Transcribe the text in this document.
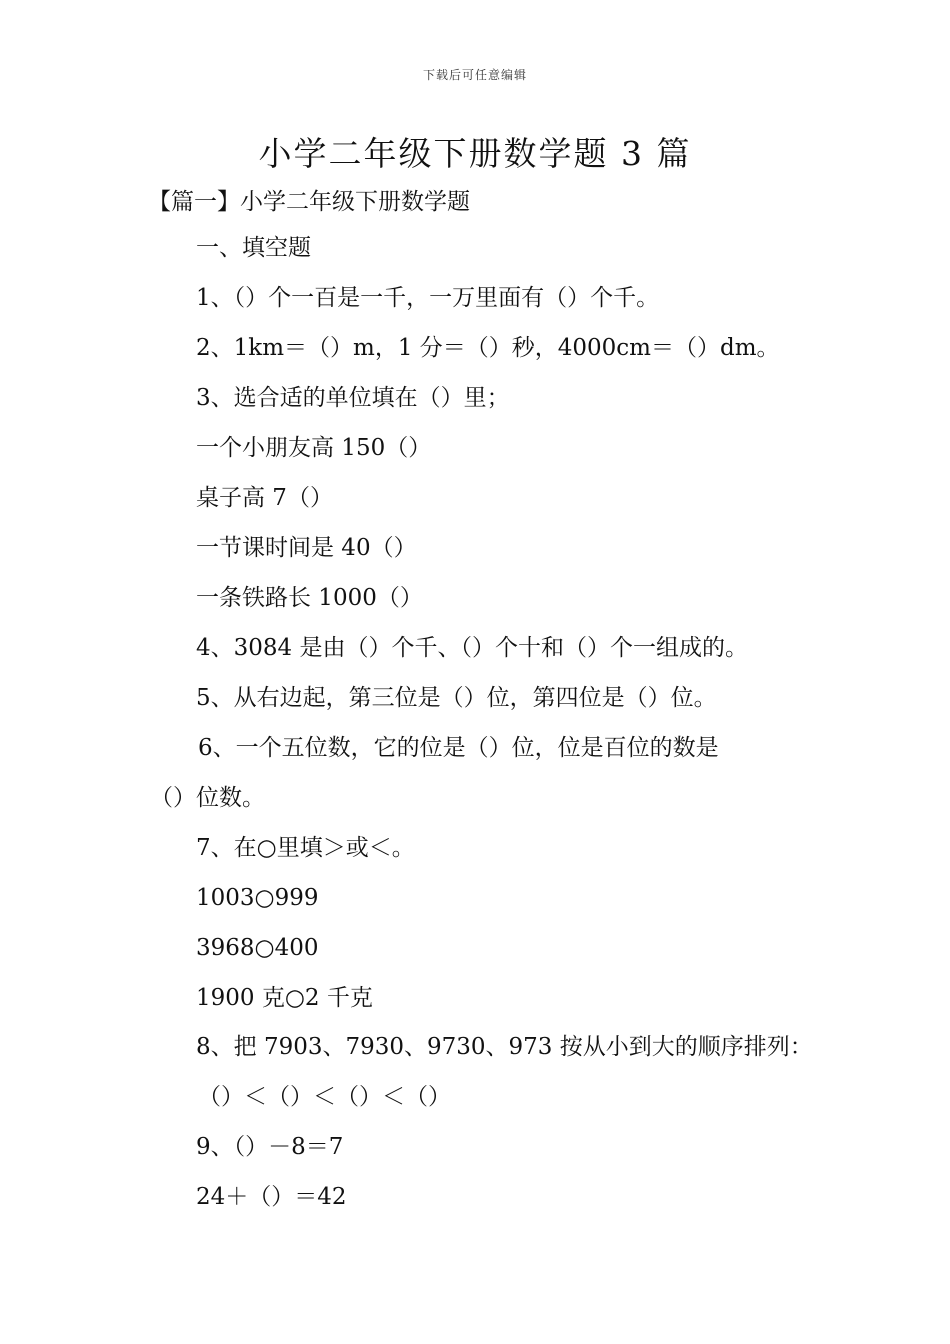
下载后可任意编辑
小学二年级下册数学题 3 篇
【篇一】小学二年级下册数学题

一、填空题

1、（）个一百是一千，一万里面有（）个千。

2、1km＝（）m，1 分＝（）秒，4000cm＝（）dm。

3、选合适的单位填在（）里；

一个小朋友高 150（）

桌子高 7（）

一节课时间是 40（）

一条铁路长 1000（）

4、3084 是由（）个千、（）个十和（）个一组成的。

5、从右边起，第三位是（）位，第四位是（）位。

6、一个五位数，它的位是（）位，位是百位的数是

（）位数。

7、在○里填＞或＜。

1003○999

3968○400

1900 克○2 千克

8、把 7903、7930、9730、973 按从小到大的顺序排列：

（）＜（）＜（）＜（）

9、（）－8＝7

24＋（）＝42
